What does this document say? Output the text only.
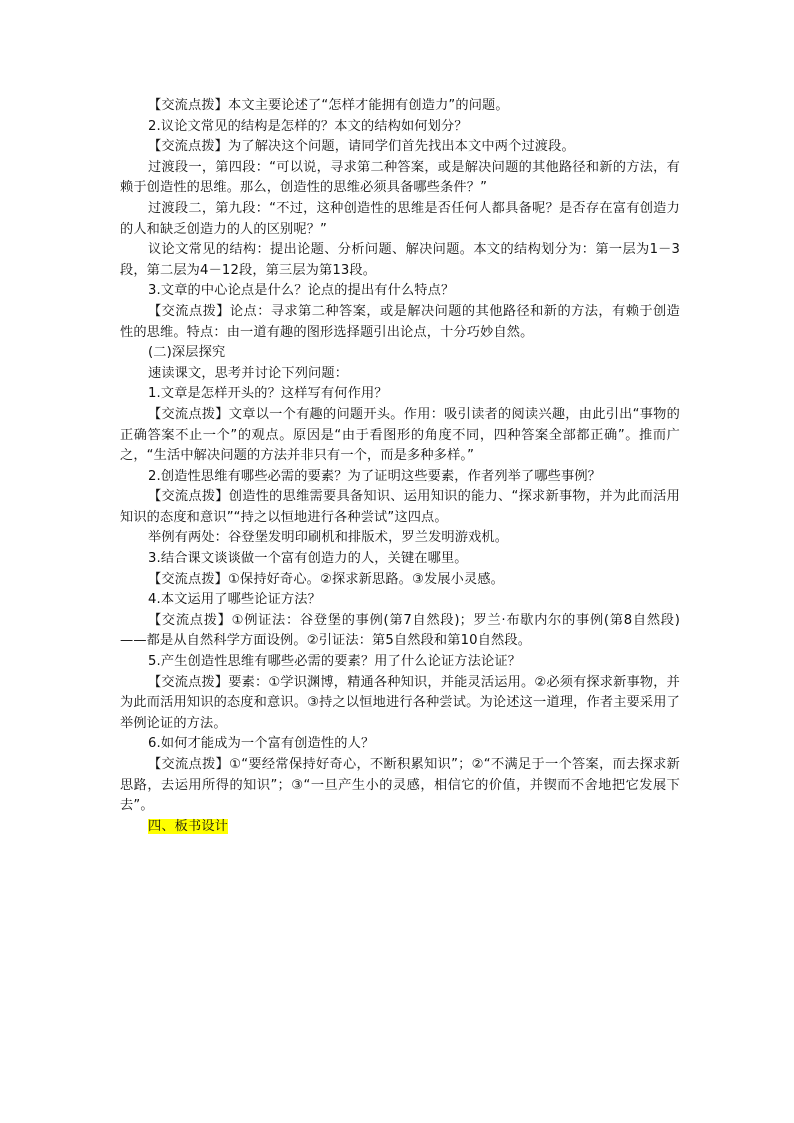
【交流点拨】本文主要论述了“怎样才能拥有创造力”的问题。

2.议论文常见的结构是怎样的？本文的结构如何划分？

【交流点拨】为了解决这个问题，请同学们首先找出本文中两个过渡段。

过渡段一，第四段：“可以说，寻求第二种答案，或是解决问题的其他路径和新的方法，有赖于创造性的思维。那么，创造性的思维必须具备哪些条件？”

过渡段二，第九段：“不过，这种创造性的思维是否任何人都具备呢？是否存在富有创造力的人和缺乏创造力的人的区别呢？”

议论文常见的结构：提出论题、分析问题、解决问题。本文的结构划分为：第一层为1－3段，第二层为4－12段，第三层为第13段。

3.文章的中心论点是什么？论点的提出有什么特点？

【交流点拨】论点：寻求第二种答案，或是解决问题的其他路径和新的方法，有赖于创造性的思维。特点：由一道有趣的图形选择题引出论点，十分巧妙自然。

(二)深层探究

速读课文，思考并讨论下列问题：

1.文章是怎样开头的？这样写有何作用？

【交流点拨】文章以一个有趣的问题开头。作用：吸引读者的阅读兴趣，由此引出“事物的正确答案不止一个”的观点。原因是“由于看图形的角度不同，四种答案全部都正确”。推而广之，“生活中解决问题的方法并非只有一个，而是多种多样。”

2.创造性思维有哪些必需的要素？为了证明这些要素，作者列举了哪些事例？

【交流点拨】创造性的思维需要具备知识、运用知识的能力、“探求新事物，并为此而活用知识的态度和意识”“持之以恒地进行各种尝试”这四点。

举例有两处：谷登堡发明印刷机和排版术，罗兰发明游戏机。

3.结合课文谈谈做一个富有创造力的人，关键在哪里。

【交流点拨】①保持好奇心。②探求新思路。③发展小灵感。

4.本文运用了哪些论证方法？

【交流点拨】①例证法：谷登堡的事例(第7自然段)；罗兰·布歇内尔的事例(第8自然段)——都是从自然科学方面设例。②引证法：第5自然段和第10自然段。

5.产生创造性思维有哪些必需的要素？用了什么论证方法论证？

【交流点拨】要素：①学识渊博，精通各种知识，并能灵活运用。②必须有探求新事物，并为此而活用知识的态度和意识。③持之以恒地进行各种尝试。为论述这一道理，作者主要采用了举例论证的方法。

6.如何才能成为一个富有创造性的人？

【交流点拨】①“要经常保持好奇心，不断积累知识”；②“不满足于一个答案，而去探求新思路，去运用所得的知识”；③“一旦产生小的灵感，相信它的价值，并锲而不舍地把它发展下去”。

四、板书设计
